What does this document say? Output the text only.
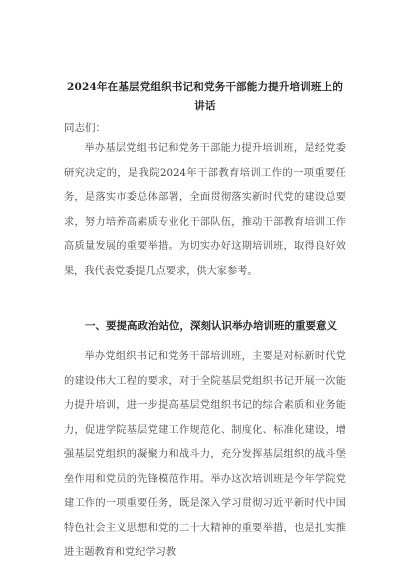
2024年在基层党组织书记和党务干部能力提升培训班上的
讲话
同志们：

举办基层党组书记和党务干部能力提升培训班，是经党委研究决定的，是我院2024年干部教育培训工作的一项重要任务，是落实市委总体部署，全面贯彻落实新时代党的建设总要求，努力培养高素质专业化干部队伍，推动干部教育培训工作高质量发展的重要举措。为切实办好这期培训班，取得良好效果，我代表党委提几点要求，供大家参考。

一、要提高政治站位，深刻认识举办培训班的重要意义

举办党组织书记和党务干部培训班，主要是对标新时代党的建设伟大工程的要求，对于全院基层党组织书记开展一次能力提升培训，进一步提高基层党组织书记的综合素质和业务能力，促进学院基层党建工作规范化、制度化、标准化建设，增强基层党组织的凝聚力和战斗力，充分发挥基层组织的战斗堡垒作用和党员的先锋模范作用。举办这次培训班是今年学院党建工作的一项重要任务，既是深入学习贯彻习近平新时代中国特色社会主义思想和党的二十大精神的重要举措，也是扎实推进主题教育和党纪学习教
